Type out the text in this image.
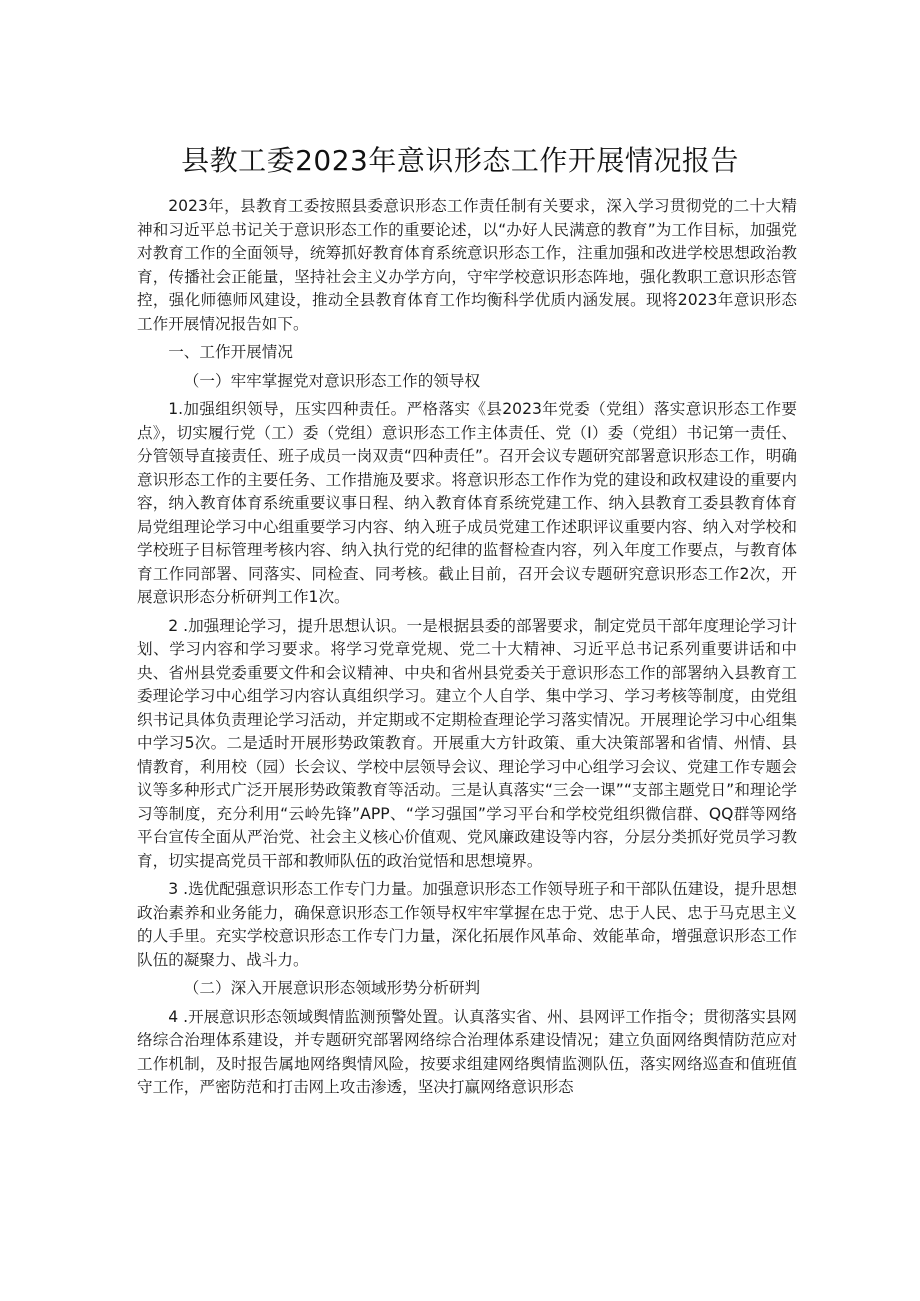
县教工委2023年意识形态工作开展情况报告

2023年，县教育工委按照县委意识形态工作责任制有关要求，深入学习贯彻党的二十大精神和习近平总书记关于意识形态工作的重要论述，以“办好人民满意的教育”为工作目标，加强党对教育工作的全面领导，统筹抓好教育体育系统意识形态工作，注重加强和改进学校思想政治教育，传播社会正能量，坚持社会主义办学方向，守牢学校意识形态阵地，强化教职工意识形态管控，强化师德师风建设，推动全县教育体育工作均衡科学优质内涵发展。现将2023年意识形态工作开展情况报告如下。

一、工作开展情况

（一）牢牢掌握党对意识形态工作的领导权

1.加强组织领导，压实四种责任。严格落实《县2023年党委（党组）落实意识形态工作要点》，切实履行党（工）委（党组）意识形态工作主体责任、党（I）委（党组）书记第一责任、分管领导直接责任、班子成员一岗双责“四种责任”。召开会议专题研究部署意识形态工作，明确意识形态工作的主要任务、工作措施及要求。将意识形态工作作为党的建设和政权建设的重要内容，纳入教育体育系统重要议事日程、纳入教育体育系统党建工作、纳入县教育工委县教育体育局党组理论学习中心组重要学习内容、纳入班子成员党建工作述职评议重要内容、纳入对学校和学校班子目标管理考核内容、纳入执行党的纪律的监督检查内容，列入年度工作要点，与教育体育工作同部署、同落实、同检查、同考核。截止目前，召开会议专题研究意识形态工作2次，开展意识形态分析研判工作1次。

2 .加强理论学习，提升思想认识。一是根据县委的部署要求，制定党员干部年度理论学习计划、学习内容和学习要求。将学习党章党规、党二十大精神、习近平总书记系列重要讲话和中央、省州县党委重要文件和会议精神、中央和省州县党委关于意识形态工作的部署纳入县教育工委理论学习中心组学习内容认真组织学习。建立个人自学、集中学习、学习考核等制度，由党组织书记具体负责理论学习活动，并定期或不定期检查理论学习落实情况。开展理论学习中心组集中学习5次。二是适时开展形势政策教育。开展重大方针政策、重大决策部署和省情、州情、县情教育，利用校（园）长会议、学校中层领导会议、理论学习中心组学习会议、党建工作专题会议等多种形式广泛开展形势政策教育等活动。三是认真落实“三会一课”“支部主题党日”和理论学习等制度，充分利用“云岭先锋”APP、“学习强国”学习平台和学校党组织微信群、QQ群等网络平台宣传全面从严治党、社会主义核心价值观、党风廉政建设等内容，分层分类抓好党员学习教育，切实提高党员干部和教师队伍的政治觉悟和思想境界。

3 .选优配强意识形态工作专门力量。加强意识形态工作领导班子和干部队伍建设，提升思想政治素养和业务能力，确保意识形态工作领导权牢牢掌握在忠于党、忠于人民、忠于马克思主义的人手里。充实学校意识形态工作专门力量，深化拓展作风革命、效能革命，增强意识形态工作队伍的凝聚力、战斗力。

（二）深入开展意识形态领域形势分析研判

4 .开展意识形态领域舆情监测预警处置。认真落实省、州、县网评工作指令；贯彻落实县网络综合治理体系建设，并专题研究部署网络综合治理体系建设情况；建立负面网络舆情防范应对工作机制，及时报告属地网络舆情风险，按要求组建网络舆情监测队伍，落实网络巡查和值班值守工作，严密防范和打击网上攻击渗透，坚决打赢网络意识形态
